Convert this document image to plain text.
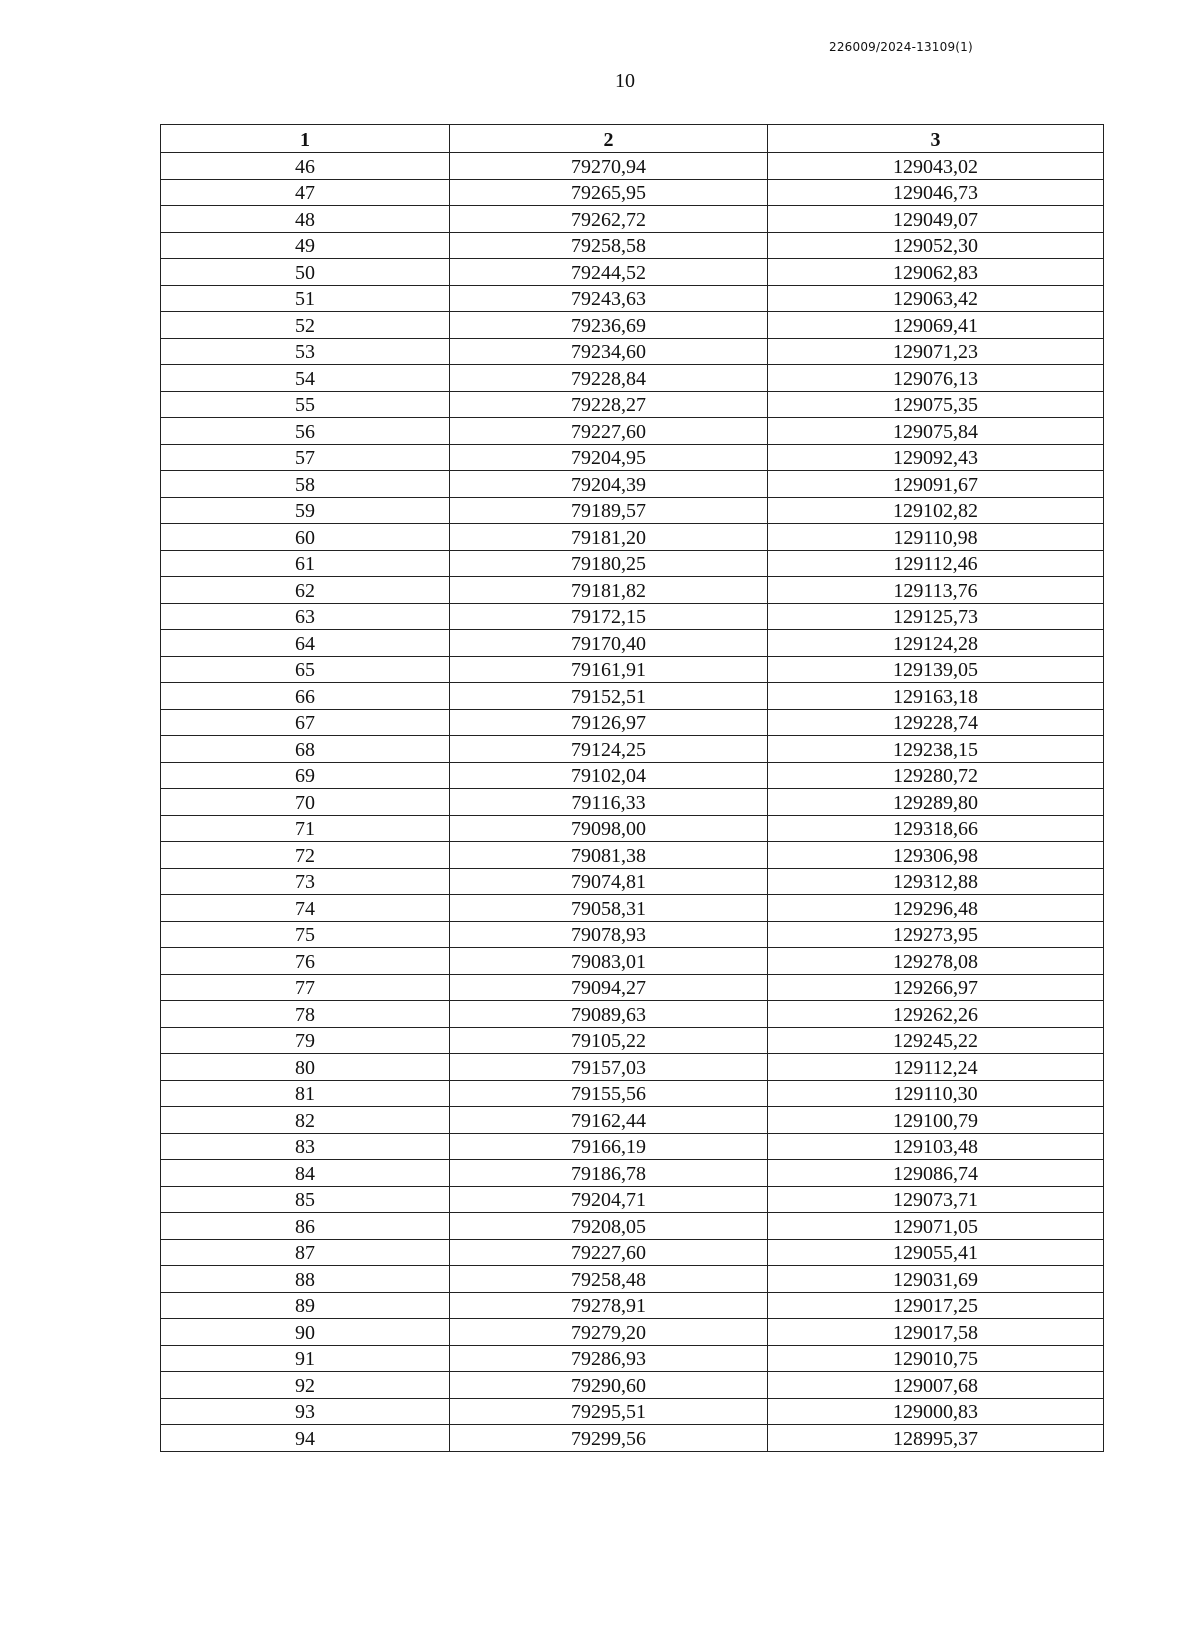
226009/2024-13109(1)
10
1	2	3
46	79270,94	129043,02
47	79265,95	129046,73
48	79262,72	129049,07
49	79258,58	129052,30
50	79244,52	129062,83
51	79243,63	129063,42
52	79236,69	129069,41
53	79234,60	129071,23
54	79228,84	129076,13
55	79228,27	129075,35
56	79227,60	129075,84
57	79204,95	129092,43
58	79204,39	129091,67
59	79189,57	129102,82
60	79181,20	129110,98
61	79180,25	129112,46
62	79181,82	129113,76
63	79172,15	129125,73
64	79170,40	129124,28
65	79161,91	129139,05
66	79152,51	129163,18
67	79126,97	129228,74
68	79124,25	129238,15
69	79102,04	129280,72
70	79116,33	129289,80
71	79098,00	129318,66
72	79081,38	129306,98
73	79074,81	129312,88
74	79058,31	129296,48
75	79078,93	129273,95
76	79083,01	129278,08
77	79094,27	129266,97
78	79089,63	129262,26
79	79105,22	129245,22
80	79157,03	129112,24
81	79155,56	129110,30
82	79162,44	129100,79
83	79166,19	129103,48
84	79186,78	129086,74
85	79204,71	129073,71
86	79208,05	129071,05
87	79227,60	129055,41
88	79258,48	129031,69
89	79278,91	129017,25
90	79279,20	129017,58
91	79286,93	129010,75
92	79290,60	129007,68
93	79295,51	129000,83
94	79299,56	128995,37
